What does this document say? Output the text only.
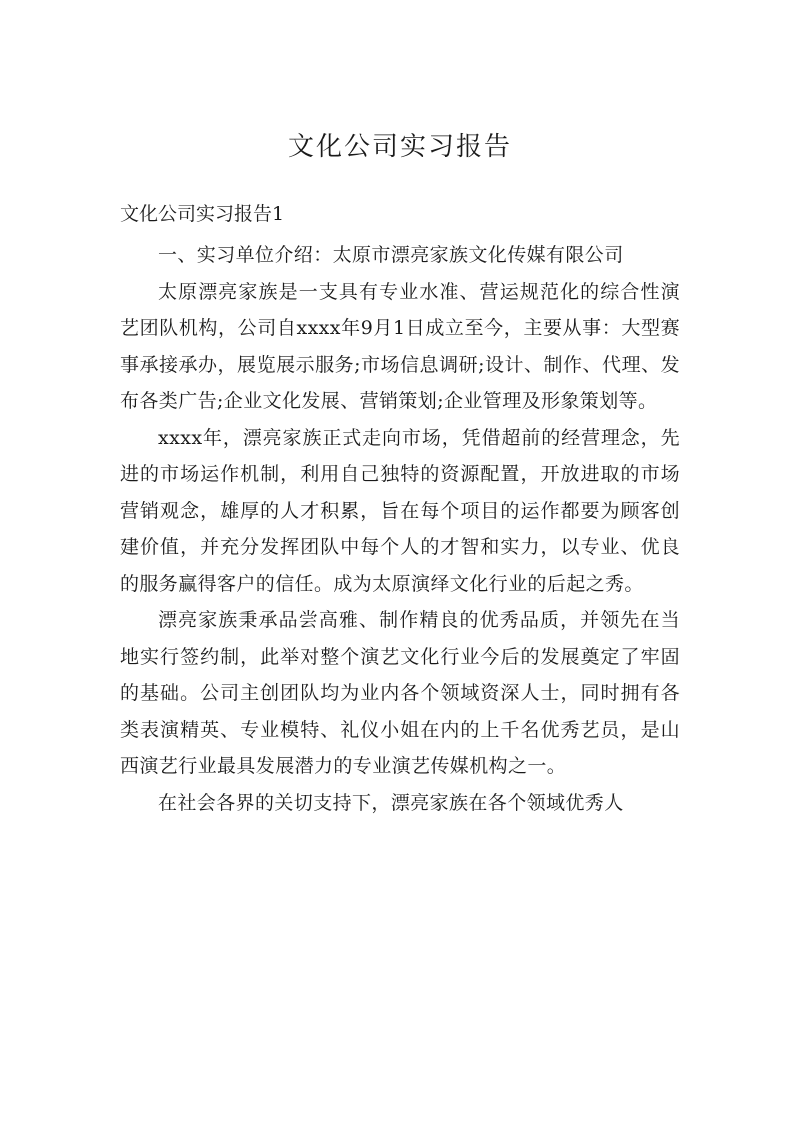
文化公司实习报告

文化公司实习报告1

一、实习单位介绍：太原市漂亮家族文化传媒有限公司

太原漂亮家族是一支具有专业水准、营运规范化的综合性演艺团队机构，公司自xxxx年9月1日成立至今，主要从事：大型赛事承接承办，展览展示服务;市场信息调研;设计、制作、代理、发布各类广告;企业文化发展、营销策划;企业管理及形象策划等。

xxxx年，漂亮家族正式走向市场，凭借超前的经营理念，先进的市场运作机制，利用自己独特的资源配置，开放进取的市场营销观念，雄厚的人才积累，旨在每个项目的运作都要为顾客创建价值，并充分发挥团队中每个人的才智和实力，以专业、优良的服务赢得客户的信任。成为太原演绎文化行业的后起之秀。

漂亮家族秉承品尝高雅、制作精良的优秀品质，并领先在当地实行签约制，此举对整个演艺文化行业今后的发展奠定了牢固的基础。公司主创团队均为业内各个领域资深人士，同时拥有各类表演精英、专业模特、礼仪小姐在内的上千名优秀艺员，是山西演艺行业最具发展潜力的专业演艺传媒机构之一。

在社会各界的关切支持下，漂亮家族在各个领域优秀人
